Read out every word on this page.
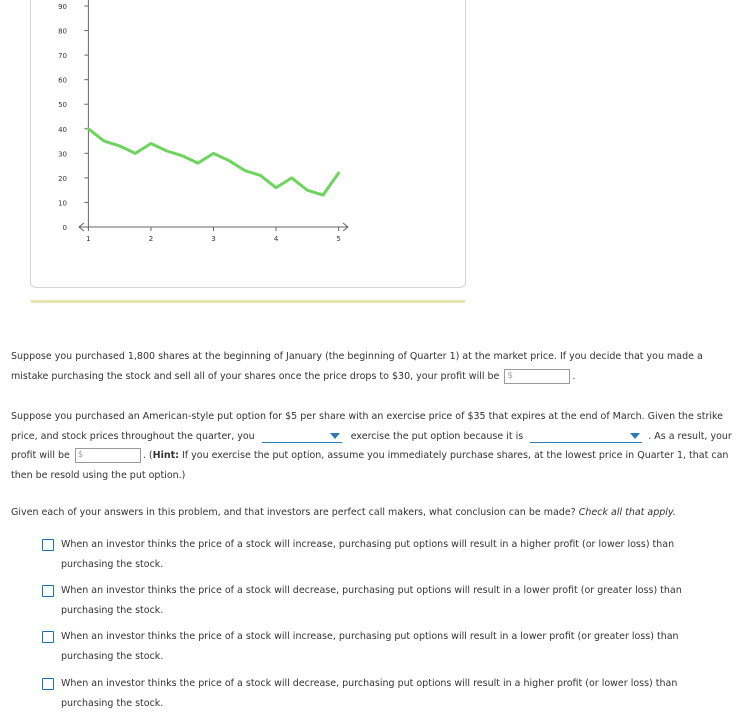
0
10
20
30
40
50
60
70
80
90
1	2	3	4	5
Suppose you purchased 1,800 shares at the beginning of January (the beginning of Quarter 1) at the market price. If you decide that you made a mistake purchasing the stock and sell all of your shares once the price drops to $30, your profit will be $	.
Suppose you purchased an American-style put option for $5 per share with an exercise price of $35 that expires at the end of March. Given the strike price, and stock prices throughout the quarter, you	exercise the put option because it is	. As a result, your profit will be $	. (Hint: If you exercise the put option, assume you immediately purchase shares, at the lowest price in Quarter 1, that can then be resold using the put option.)
Given each of your answers in this problem, and that investors are perfect call makers, what conclusion can be made? Check all that apply.
When an investor thinks the price of a stock will increase, purchasing put options will result in a higher profit (or lower loss) than purchasing the stock.
When an investor thinks the price of a stock will decrease, purchasing put options will result in a lower profit (or greater loss) than purchasing the stock.
When an investor thinks the price of a stock will increase, purchasing put options will result in a lower profit (or greater loss) than purchasing the stock.
When an investor thinks the price of a stock will decrease, purchasing put options will result in a higher profit (or lower loss) than purchasing the stock.
